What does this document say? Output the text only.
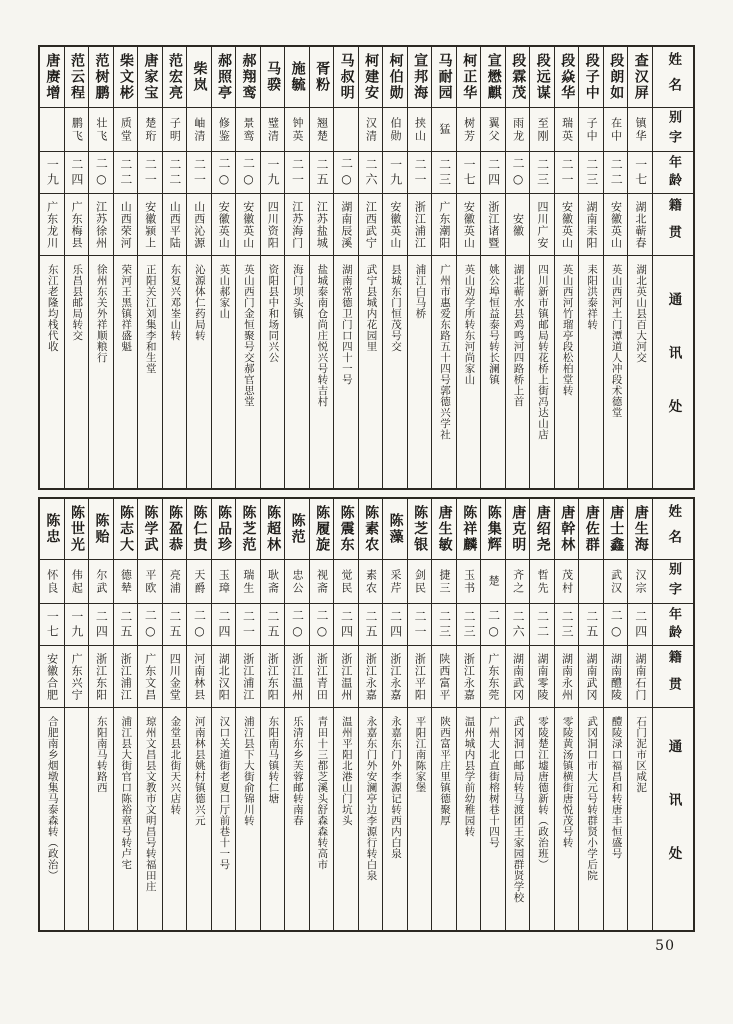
姓名
别字
年龄
籍贯
通讯处
查汉屏
镇华
一七
湖北蕲春
湖北英山县百大河交
段朗如
在中
二二
安徽英山
英山西河土门潭道人冲段术德堂
段子中
子中
二三
湖南耒阳
耒阳洪泰祥转
段焱华
瑞英
二一
安徽英山
英山西河竹瑠亭段松柏堂转
段远谋
至刚
二三
四川广安
四川新市镇邮局转花桥上街冯达山店
段霖茂
雨龙
二○
安徽
湖北蕲水县鸡鸣河四路桥上首
宣懋麒
翼父
二四
浙江诸暨
姚公埠恒益泰号转长澜镇
柯正华
树芳
一七
安徽英山
英山劝学所转东河尚家山
马耐园
猛
二三
广东潮阳
广州市惠爱东路五十四号郭德兴学社
宣邦海
挟山
二一
浙江浦江
浦江白马桥
柯伯勋
伯勋
一九
安徽英山
县城东门恒茂号交
柯建安
汉清
二六
江西武宁
武宁县城内花园里
马叔明
二○
湖南辰溪
湖南常德卫门口四十一号
胥粉
翘楚
二五
江苏盐城
盐城泰南仓尚庄悦兴号转吉村
施毓
钟英
二一
江苏海门
海门坝头镇
马骙
璧清
一九
四川资阳
资阳县中和场同兴公
郝翔鸾
景鸾
二○
安徽英山
英山西门金恒聚号交郝官思堂
郝照亭
修鉴
二○
安徽英山
英山郝家山
柴岚
岫清
二一
山西沁源
沁源体仁药局转
范宏亮
子明
二二
山西平陆
东复兴邓峑山转
唐家宝
楚珩
二一
安徽颍上
正阳关江刘集李和生堂
柴文彬
质堂
二二
山西荣河
荣河王黑镇祥盛魁
范树鹏
壮飞
二○
江苏徐州
徐州东关外祥顺粮行
范云程
鹏飞
二四
广东梅县
乐昌县邮局转交
唐赓增
一九
广东龙川
东江老隆均栈代收
姓名
别字
年龄
籍贯
通讯处
唐生海
汉宗
二四
湖南石门
石门泥市区咸泥
唐士鑫
武汉
二○
湖南醴陵
醴陵渌口福昌和转唐丰恒盛号
唐佐群
二五
湖南武冈
武冈洞口市大元号转群贤小学后院
唐幹林
茂村
二三
湖南永州
零陵黄汤镇横街唐悦茂号转
唐绍尧
哲先
二二
湖南零陵
零陵楚江墟唐德新转（政治班）
唐克明
齐之
二六
湖南武冈
武冈洞口邮局转马渡团王家园群贤学校
陈集辉
楚
二○
广东东莞
广州大北直街榕树巷十四号
陈祥麟
玉书
二三
浙江永嘉
温州城内县学前幼稚园转
唐生敏
捷三
二三
陕西富平
陕西富平庄里镇德聚厚
陈芝银
剑民
二一
浙江平阳
平阳江南陈家堡
陈藻
采芹
二四
浙江永嘉
永嘉东门外李源记转西内白泉
陈素农
素农
二五
浙江永嘉
永嘉东门外安澜亭边李源行转白泉
陈震东
觉民
二四
浙江温州
温州平阳北港山门坑头
陈履旋
视斋
二○
浙江青田
青田十三都芝溪头舒森森转高市
陈范
忠公
二○
浙江温州
乐清东乡芙蓉邮转南春
陈超林
耿斋
二五
浙江东阳
东阳南马镇转仁塘
陈芝范
瑞生
二一
浙江浦江
浦江县下大街俞锦川转
陈品珍
玉璋
二四
湖北汉阳
汉口关道街老夏口厅前巷十一号
陈仁贵
天爵
二○
河南林县
河南林县姚村镇德兴元
陈盈恭
亮浦
二五
四川金堂
金堂县北街天兴店转
陈学武
平欧
二○
广东文昌
琼州文昌县文教市文明昌号转福田庄
陈志大
德辇
二五
浙江浦江
浦江县大街官口陈裕章号转卢宅
陈贻
尔武
二四
浙江东阳
东阳南马转路西
陈世光
伟起
一九
广东兴宁
陈忠
怀良
一七
安徽合肥
合肥南乡烟墩集马泰森转（政治）
50
